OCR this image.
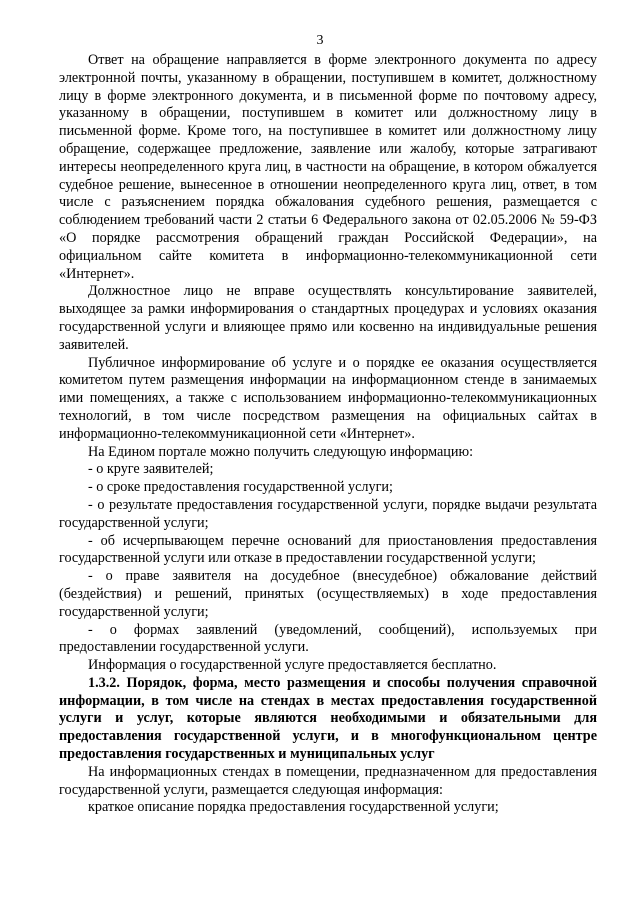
3

Ответ на обращение направляется в форме электронного документа по адресу электронной почты, указанному в обращении, поступившем в комитет, должностному лицу в форме электронного документа, и в письменной форме по почтовому адресу, указанному в обращении, поступившем в комитет или должностному лицу в письменной форме. Кроме того, на поступившее в комитет или должностному лицу обращение, содержащее предложение, заявление или жалобу, которые затрагивают интересы неопределенного круга лиц, в частности на обращение, в котором обжалуется судебное решение, вынесенное в отношении неопределенного круга лиц, ответ, в том числе с разъяснением порядка обжалования судебного решения, размещается с соблюдением требований части 2 статьи 6 Федерального закона от 02.05.2006 № 59-ФЗ «О порядке рассмотрения обращений граждан Российской Федерации», на официальном сайте комитета в информационно-телекоммуникационной сети «Интернет».

Должностное лицо не вправе осуществлять консультирование заявителей, выходящее за рамки информирования о стандартных процедурах и условиях оказания государственной услуги и влияющее прямо или косвенно на индивидуальные решения заявителей.

Публичное информирование об услуге и о порядке ее оказания осуществляется комитетом путем размещения информации на информационном стенде в занимаемых ими помещениях, а также с использованием информационно-телекоммуникационных технологий, в том числе посредством размещения на официальных сайтах в информационно-телекоммуникационной сети «Интернет».

На Едином портале можно получить следующую информацию:

- о круге заявителей;

- о сроке предоставления государственной услуги;

- о результате предоставления государственной услуги, порядке выдачи результата государственной услуги;

- об исчерпывающем перечне оснований для приостановления предоставления государственной услуги или отказе в предоставлении государственной услуги;

- о праве заявителя на досудебное (внесудебное) обжалование действий (бездействия) и решений, принятых (осуществляемых) в ходе предоставления государственной услуги;

- о формах заявлений (уведомлений, сообщений), используемых при предоставлении государственной услуги.

Информация о государственной услуге предоставляется бесплатно.

1.3.2. Порядок, форма, место размещения и способы получения справочной информации, в том числе на стендах в местах предоставления государственной услуги и услуг, которые являются необходимыми и обязательными для предоставления государственной услуги, и в многофункциональном центре предоставления государственных и муниципальных услуг

На информационных стендах в помещении, предназначенном для предоставления государственной услуги, размещается следующая информация:

краткое описание порядка предоставления государственной услуги;
